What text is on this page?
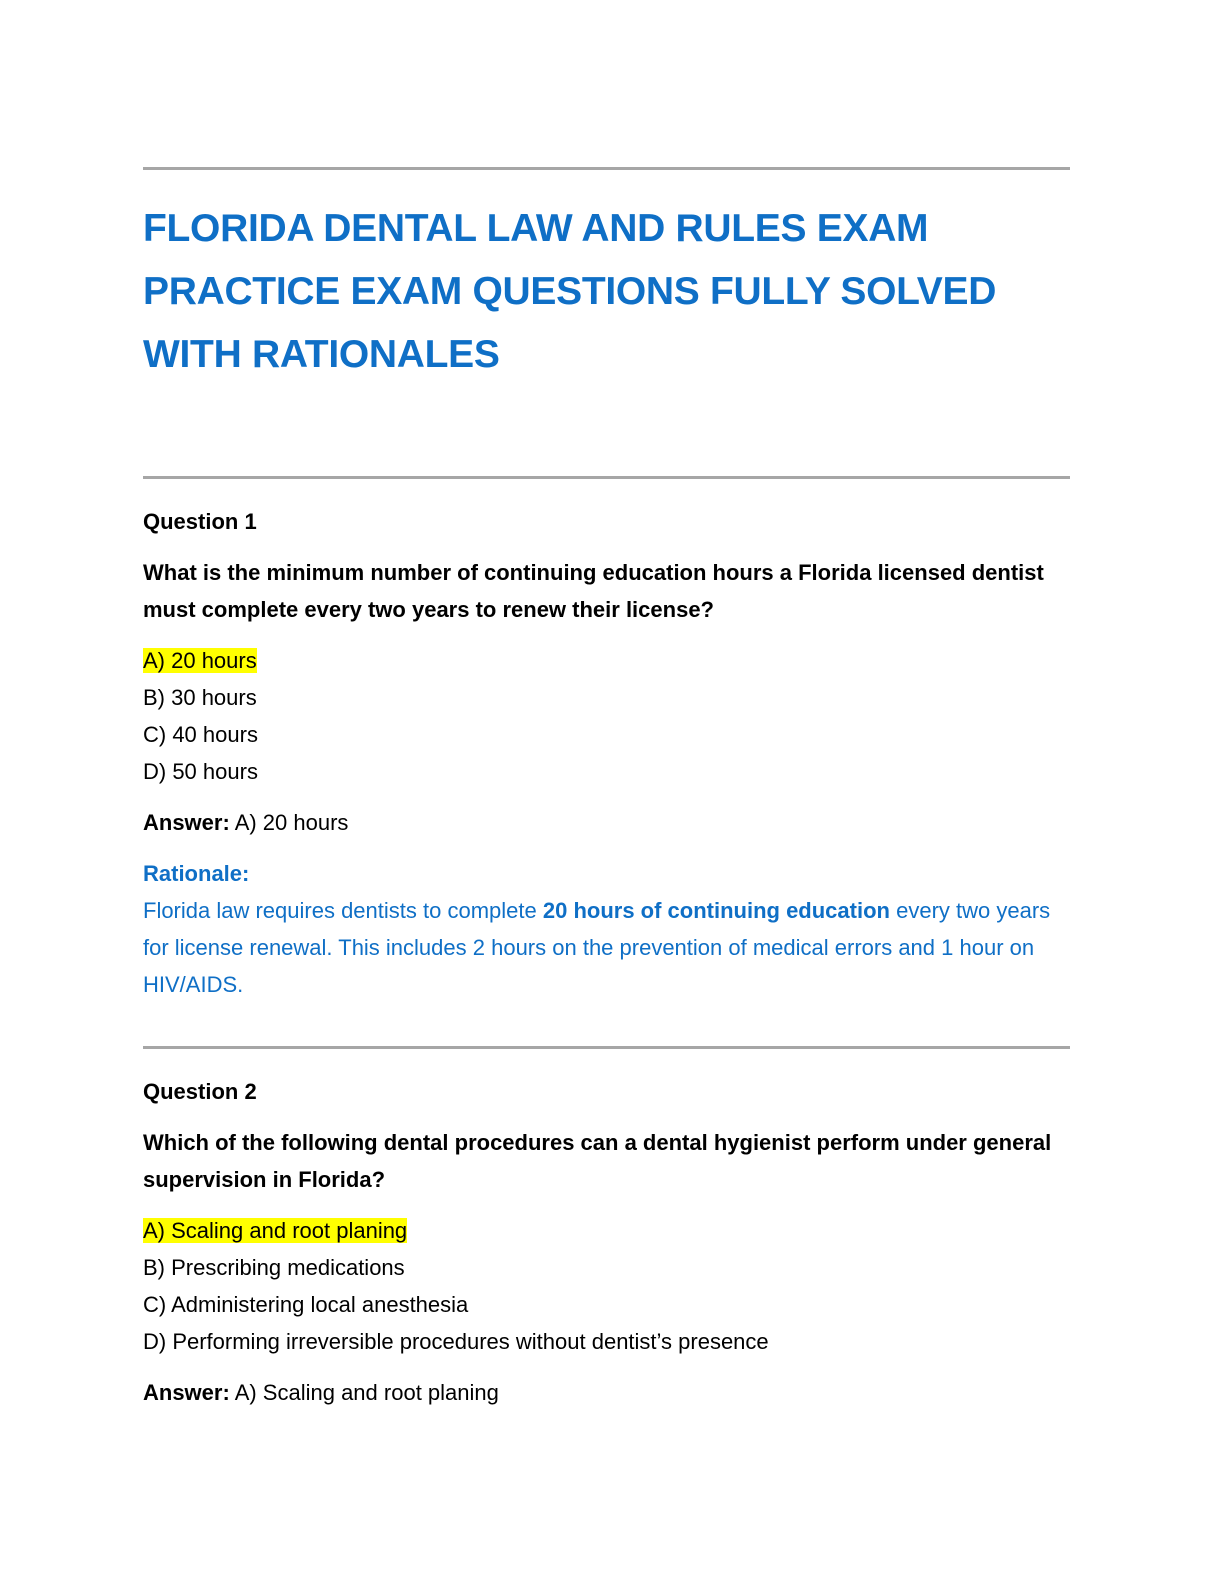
FLORIDA DENTAL LAW AND RULES EXAM PRACTICE EXAM QUESTIONS FULLY SOLVED WITH RATIONALES

Question 1

What is the minimum number of continuing education hours a Florida licensed dentist must complete every two years to renew their license?

A) 20 hours
B) 30 hours
C) 40 hours
D) 50 hours

Answer: A) 20 hours

Rationale:

Florida law requires dentists to complete 20 hours of continuing education every two years for license renewal. This includes 2 hours on the prevention of medical errors and 1 hour on HIV/AIDS.

Question 2

Which of the following dental procedures can a dental hygienist perform under general supervision in Florida?

A) Scaling and root planing
B) Prescribing medications
C) Administering local anesthesia
D) Performing irreversible procedures without dentist’s presence

Answer: A) Scaling and root planing
